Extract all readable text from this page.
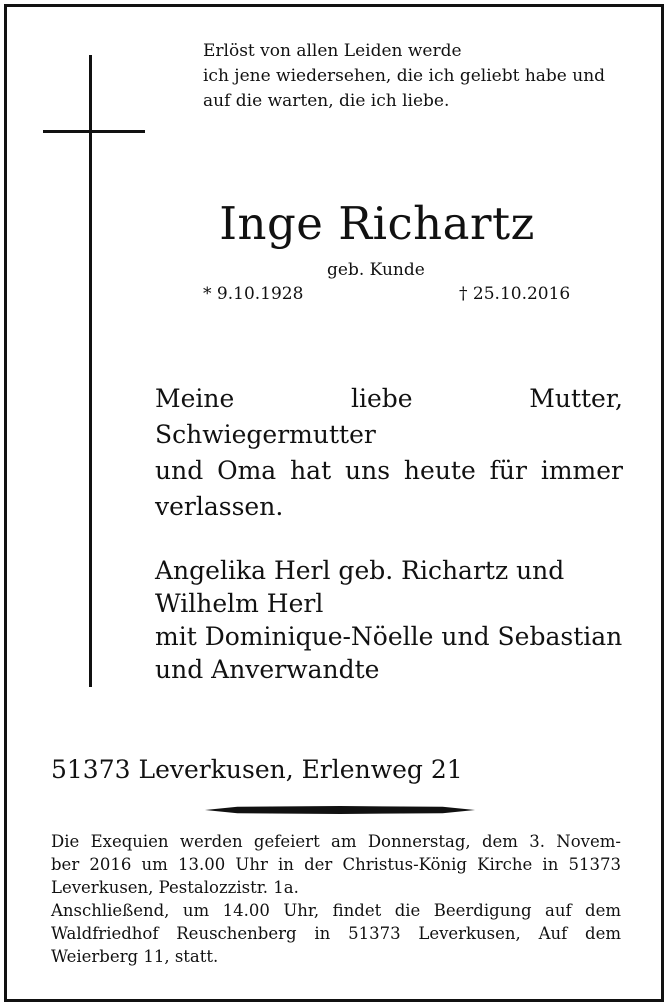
Erlöst von allen Leiden werde
ich jene wiedersehen, die ich geliebt habe und
auf die warten, die ich liebe.

Inge Richartz
geb. Kunde
* 9.10.1928	† 25.10.2016

Meine liebe Mutter, Schwiegermutter
und Oma hat uns heute für immer
verlassen.

Angelika Herl geb. Richartz und
Wilhelm Herl
mit Dominique-Nöelle und Sebastian
und Anverwandte

51373 Leverkusen, Erlenweg 21

Die Exequien werden gefeiert am Donnerstag, dem 3. Novem-
ber 2016 um 13.00 Uhr in der Christus-König Kirche in 51373
Leverkusen, Pestalozzistr. 1a.
Anschließend, um 14.00 Uhr, findet die Beerdigung auf dem
Waldfriedhof Reuschenberg in 51373 Leverkusen, Auf dem
Weierberg 11, statt.
